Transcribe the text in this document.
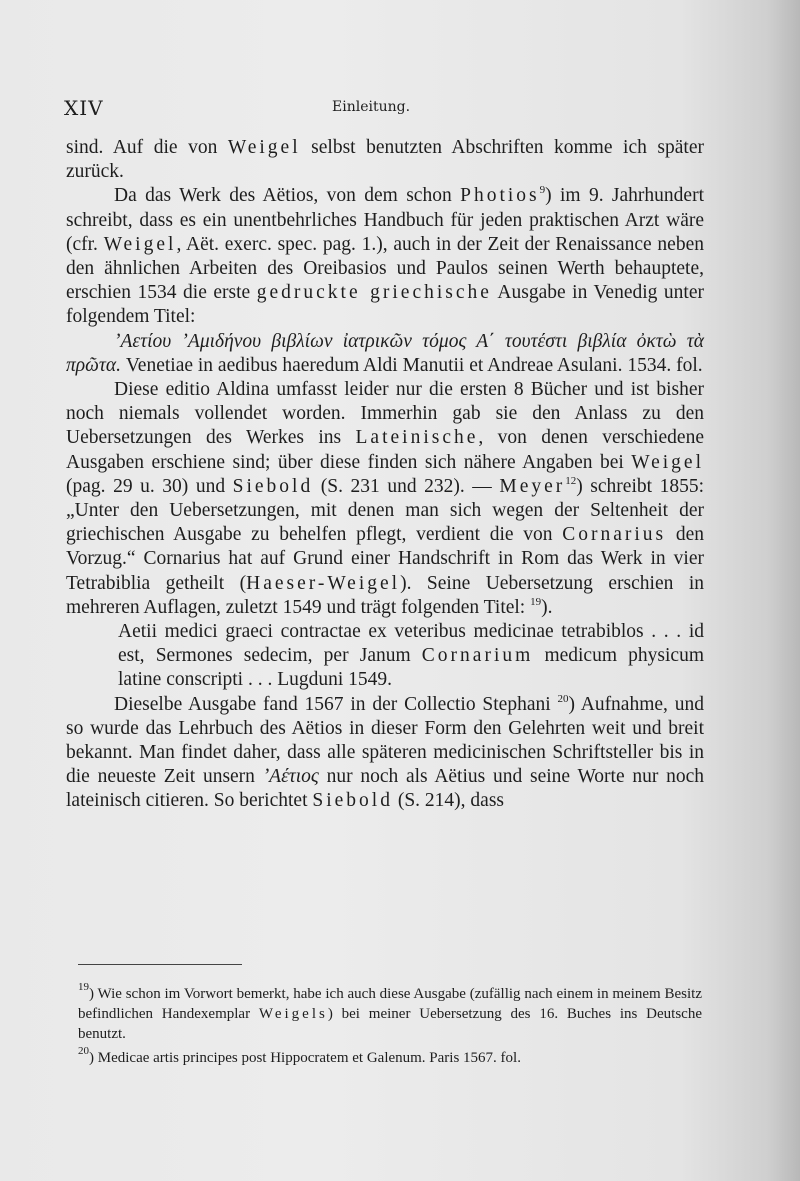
XIV	Einleitung.

sind. Auf die von Weigel selbst benutzten Abschriften komme ich später zurück.

Da das Werk des Aëtios, von dem schon Photios$^9$) im 9. Jahrhundert schreibt, dass es ein unentbehrliches Handbuch für jeden praktischen Arzt wäre (cfr. Weigel, Aët. exerc. spec. pag. 1.), auch in der Zeit der Renaissance neben den ähnlichen Arbeiten des Oreibasios und Paulos seinen Werth behauptete, erschien 1534 die erste gedruckte griechische Ausgabe in Venedig unter folgendem Titel:

ʼΑετίου ʼΑμιδήνου βιβλίων ἰατρικῶν τόμος Α΄ τουτέστι βιβλία ὀκτὼ τὰ πρῶτα. Venetiae in aedibus haeredum Aldi Manutii et Andreae Asulani. 1534. fol.

Diese editio Aldina umfasst leider nur die ersten 8 Bücher und ist bisher noch niemals vollendet worden. Immerhin gab sie den Anlass zu den Uebersetzungen des Werkes ins Lateinische, von denen verschiedene Ausgaben erschiene sind; über diese finden sich nähere Angaben bei Weigel (pag. 29 u. 30) und Siebold (S. 231 und 232). — Meyer$^{12}$) schreibt 1855: „Unter den Uebersetzungen, mit denen man sich wegen der Seltenheit der griechischen Ausgabe zu behelfen pflegt, verdient die von Cornarius den Vorzug.“ Cornarius hat auf Grund einer Handschrift in Rom das Werk in vier Tetrabiblia getheilt (Haeser-Weigel). Seine Uebersetzung erschien in mehreren Auflagen, zuletzt 1549 und trägt folgenden Titel: $^{19}$).

Aetii medici graeci contractae ex veteribus medicinae tetrabiblos . . . id est, Sermones sedecim, per Janum Cornarium medicum physicum latine conscripti . . . Lugduni 1549.

Dieselbe Ausgabe fand 1567 in der Collectio Stephani $^{20}$) Aufnahme, und so wurde das Lehrbuch des Aëtios in dieser Form den Gelehrten weit und breit bekannt. Man findet daher, dass alle späteren medicinischen Schriftsteller bis in die neueste Zeit unsern ʼΑέτιος nur noch als Aëtius und seine Worte nur noch lateinisch citieren. So berichtet Siebold (S. 214), dass

$^{19}$) Wie schon im Vorwort bemerkt, habe ich auch diese Ausgabe (zufällig nach einem in meinem Besitz befindlichen Handexemplar Weigels) bei meiner Uebersetzung des 16. Buches ins Deutsche benutzt.

$^{20}$) Medicae artis principes post Hippocratem et Galenum. Paris 1567. fol.
